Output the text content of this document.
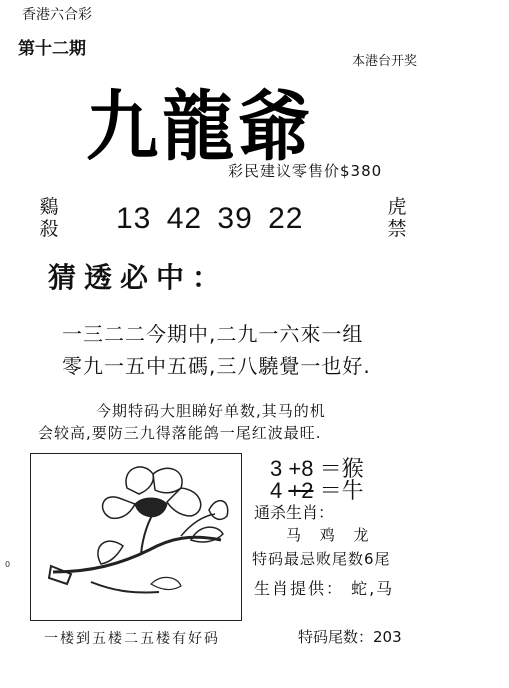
香港六合彩
第十二期
本港台开奖
九龍爺
彩民建议零售价$380
鷄殺 13 42 39 22	虎禁
猜透必中：
一三二二今期中,二九一六來一组
零九一五中五碼,三八驍覺一也好.
今期特码大胆睇好单数,其马的机
会较高,要防三九得落能鸽一尾红波最旺.
3 +8 ＝猴
4 +2 ＝牛
通杀生肖：
马 鸡 龙
特码最忌败尾数6尾
生肖提供： 蛇,马
一楼到五楼二五楼有好码	特码尾数：203
0
